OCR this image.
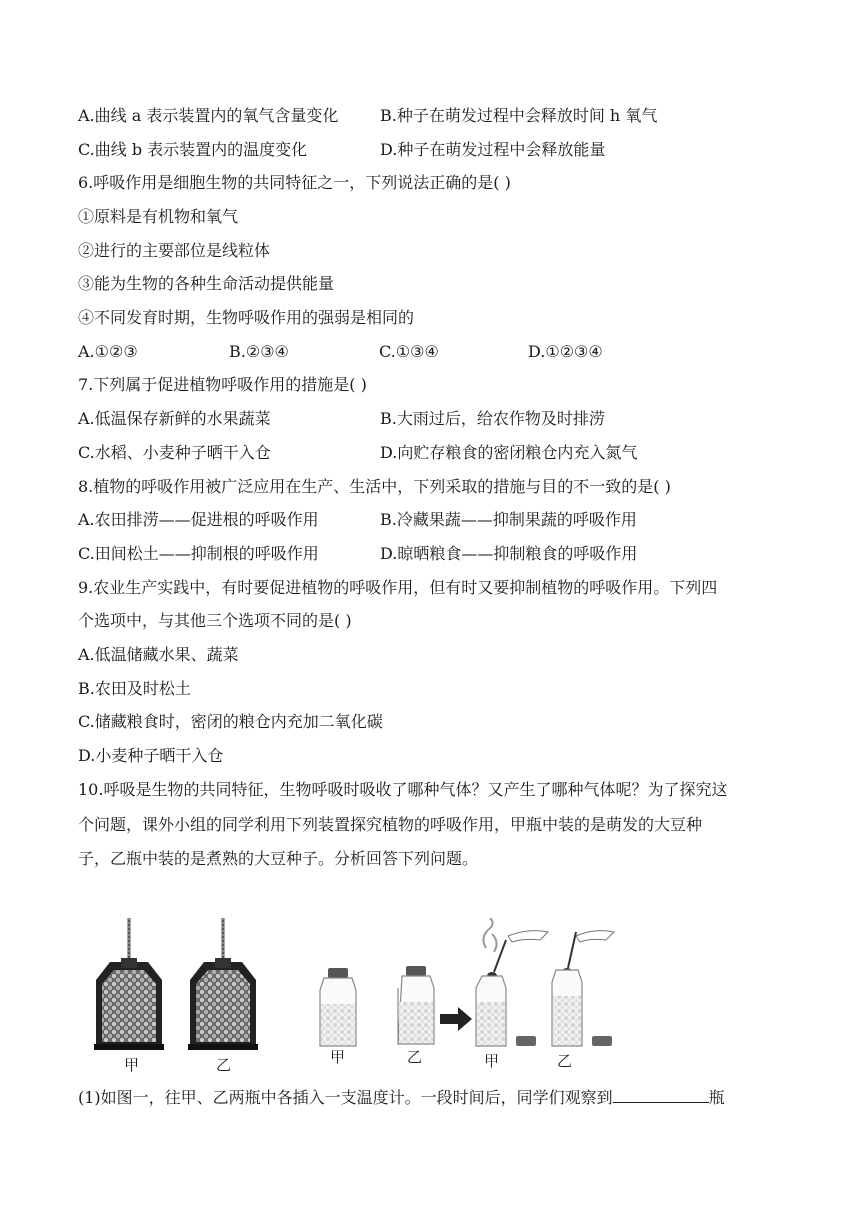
A.曲线 a 表示装置内的氧气含量变化	B.种子在萌发过程中会释放时间 h 氧气
C.曲线 b 表示装置内的温度变化	D.种子在萌发过程中会释放能量
6.呼吸作用是细胞生物的共同特征之一，下列说法正确的是( )
①原料是有机物和氧气
②进行的主要部位是线粒体
③能为生物的各种生命活动提供能量
④不同发育时期，生物呼吸作用的强弱是相同的
A.①②③	B.②③④	C.①③④	D.①②③④
7.下列属于促进植物呼吸作用的措施是( )
A.低温保存新鲜的水果蔬菜	B.大雨过后，给农作物及时排涝
C.水稻、小麦种子晒干入仓	D.向贮存粮食的密闭粮仓内充入氮气
8.植物的呼吸作用被广泛应用在生产、生活中，下列采取的措施与目的不一致的是( )
A.农田排涝——促进根的呼吸作用	B.冷藏果蔬——抑制果蔬的呼吸作用
C.田间松土——抑制根的呼吸作用	D.晾晒粮食——抑制粮食的呼吸作用
9.农业生产实践中，有时要促进植物的呼吸作用，但有时又要抑制植物的呼吸作用。下列四
个选项中，与其他三个选项不同的是( )
A.低温储藏水果、蔬菜
B.农田及时松土
C.储藏粮食时，密闭的粮仓内充加二氧化碳
D.小麦种子晒干入仓
10.呼吸是生物的共同特征，生物呼吸时吸收了哪种气体？又产生了哪种气体呢？为了探究这
个问题，课外小组的同学利用下列装置探究植物的呼吸作用，甲瓶中装的是萌发的大豆种
子，乙瓶中装的是煮熟的大豆种子。分析回答下列问题。
甲	乙	甲	乙	甲	乙
(1)如图一，往甲、乙两瓶中各插入一支温度计。一段时间后，同学们观察到	瓶
